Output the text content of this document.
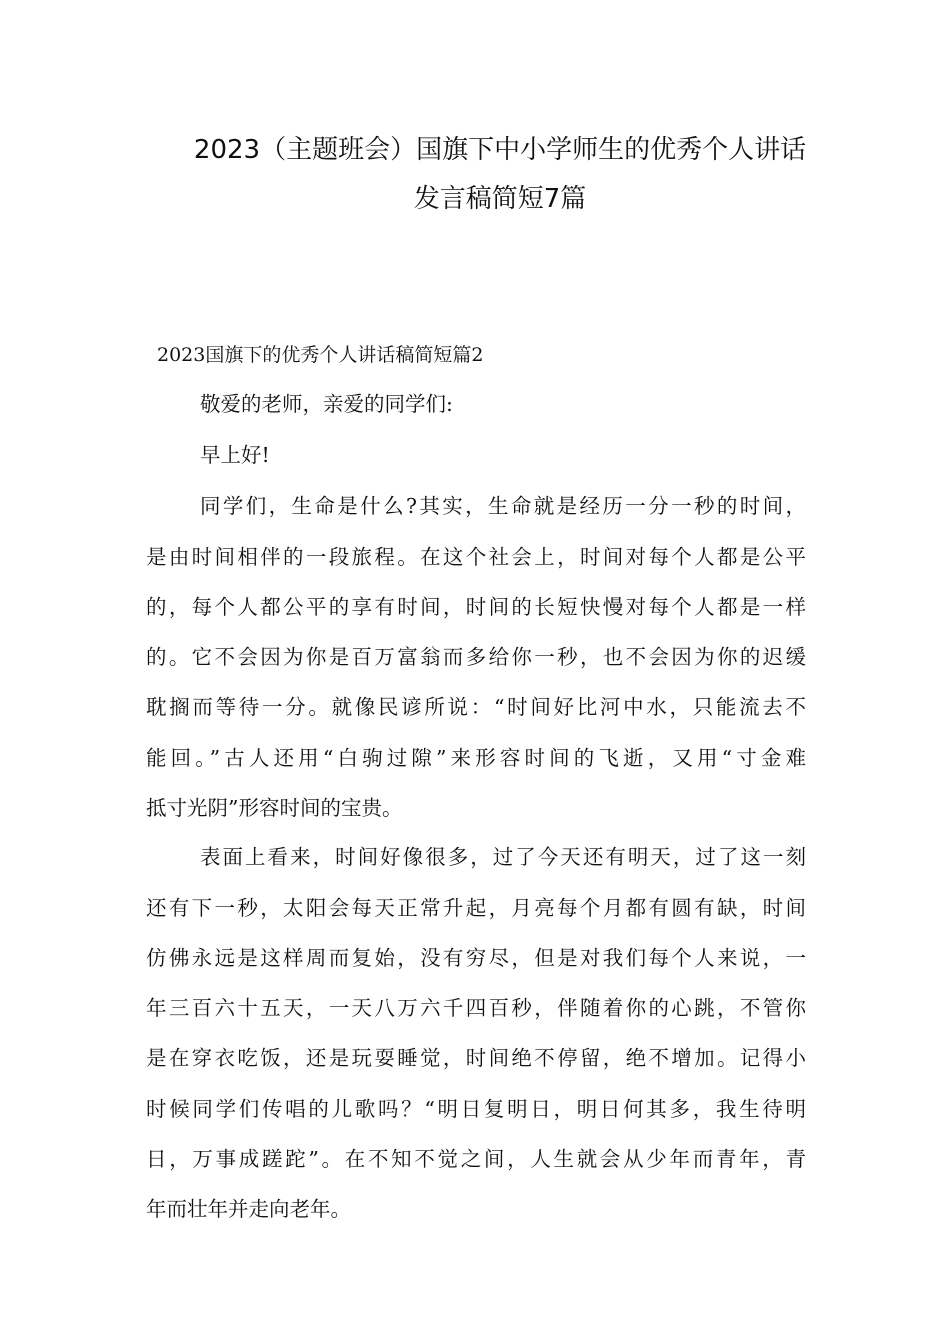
2023（主题班会）国旗下中小学师生的优秀个人讲话
发言稿简短7篇
2023国旗下的优秀个人讲话稿简短篇2
敬爱的老师，亲爱的同学们:
早上好!
同学们，生命是什么?其实，生命就是经历一分一秒的时间，
是由时间相伴的一段旅程。在这个社会上，时间对每个人都是公平
的，每个人都公平的享有时间，时间的长短快慢对每个人都是一样
的。它不会因为你是百万富翁而多给你一秒，也不会因为你的迟缓
耽搁而等待一分。就像民谚所说：“时间好比河中水，只能流去不
能回。”古人还用“白驹过隙”来形容时间的飞逝，又用“寸金难
抵寸光阴”形容时间的宝贵。
表面上看来，时间好像很多，过了今天还有明天，过了这一刻
还有下一秒，太阳会每天正常升起，月亮每个月都有圆有缺，时间
仿佛永远是这样周而复始，没有穷尽，但是对我们每个人来说，一
年三百六十五天，一天八万六千四百秒，伴随着你的心跳，不管你
是在穿衣吃饭，还是玩耍睡觉，时间绝不停留，绝不增加。记得小
时候同学们传唱的儿歌吗？“明日复明日，明日何其多，我生待明
日，万事成蹉跎”。在不知不觉之间，人生就会从少年而青年，青
年而壮年并走向老年。
